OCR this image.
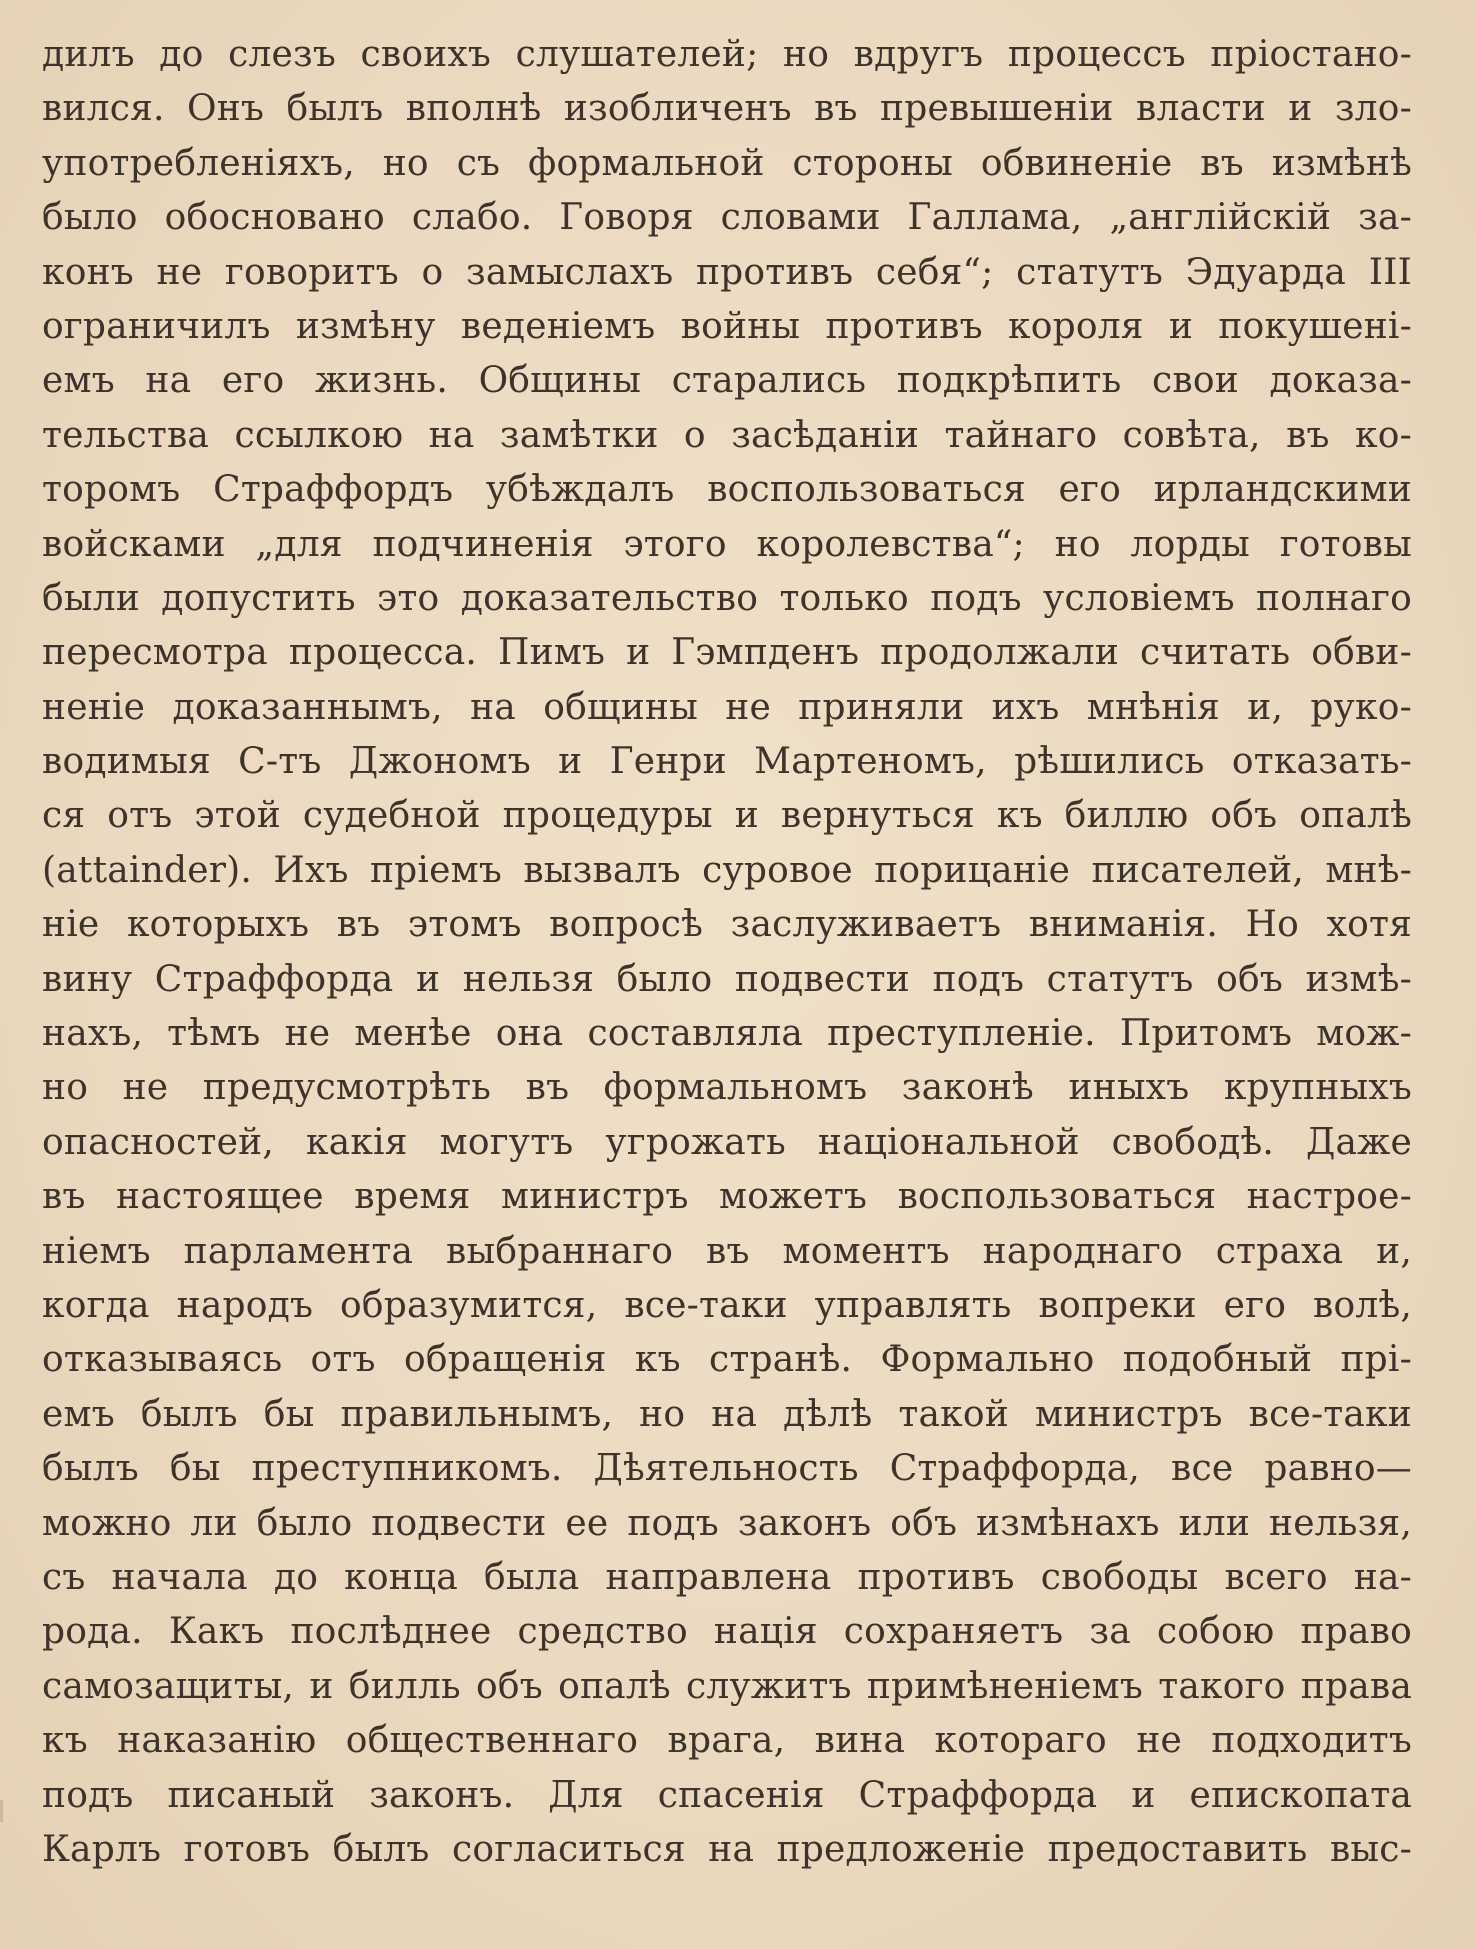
дилъ до слезъ своихъ слушателей; но вдругъ процессъ пріостано-
вился. Онъ былъ вполнѣ изобличенъ въ превышеніи власти и зло-
употребленіяхъ, но съ формальной стороны обвиненіе въ измѣнѣ
было обосновано слабо. Говоря словами Галлама, „англійскій за-
конъ не говоритъ о замыслахъ противъ себя“; статутъ Эдуарда III
ограничилъ измѣну веденіемъ войны противъ короля и покушені-
емъ на его жизнь. Общины старались подкрѣпить свои доказа-
тельства ссылкою на замѣтки о засѣданіи тайнаго совѣта, въ ко-
торомъ Страффордъ убѣждалъ воспользоваться его ирландскими
войсками „для подчиненія этого королевства“; но лорды готовы
были допустить это доказательство только подъ условіемъ полнаго
пересмотра процесса. Пимъ и Гэмпденъ продолжали считать обви-
неніе доказаннымъ, на общины не приняли ихъ мнѣнія и, руко-
водимыя С-тъ Джономъ и Генри Мартеномъ, рѣшились отказать-
ся отъ этой судебной процедуры и вернуться къ биллю объ опалѣ
(attainder). Ихъ пріемъ вызвалъ суровое порицаніе писателей, мнѣ-
ніе которыхъ въ этомъ вопросѣ заслуживаетъ вниманія. Но хотя
вину Страффорда и нельзя было подвести подъ статутъ объ измѣ-
нахъ, тѣмъ не менѣе она составляла преступленіе. Притомъ мож-
но не предусмотрѣть въ формальномъ законѣ иныхъ крупныхъ
опасностей, какія могутъ угрожать національной свободѣ. Даже
въ настоящее время министръ можетъ воспользоваться настрое-
ніемъ парламента выбраннаго въ моментъ народнаго страха и,
когда народъ образумится, все-таки управлять вопреки его волѣ,
отказываясь отъ обращенія къ странѣ. Формально подобный прі-
емъ былъ бы правильнымъ, но на дѣлѣ такой министръ все-таки
былъ бы преступникомъ. Дѣятельность Страффорда, все равно—
можно ли было подвести ее подъ законъ объ измѣнахъ или нельзя,
съ начала до конца была направлена противъ свободы всего на-
рода. Какъ послѣднее средство нація сохраняетъ за собою право
самозащиты, и билль объ опалѣ служитъ примѣненіемъ такого права
къ наказанію общественнаго врага, вина котораго не подходитъ
подъ писаный законъ. Для спасенія Страффорда и епископата
Карлъ готовъ былъ согласиться на предложеніе предоставить выс-
